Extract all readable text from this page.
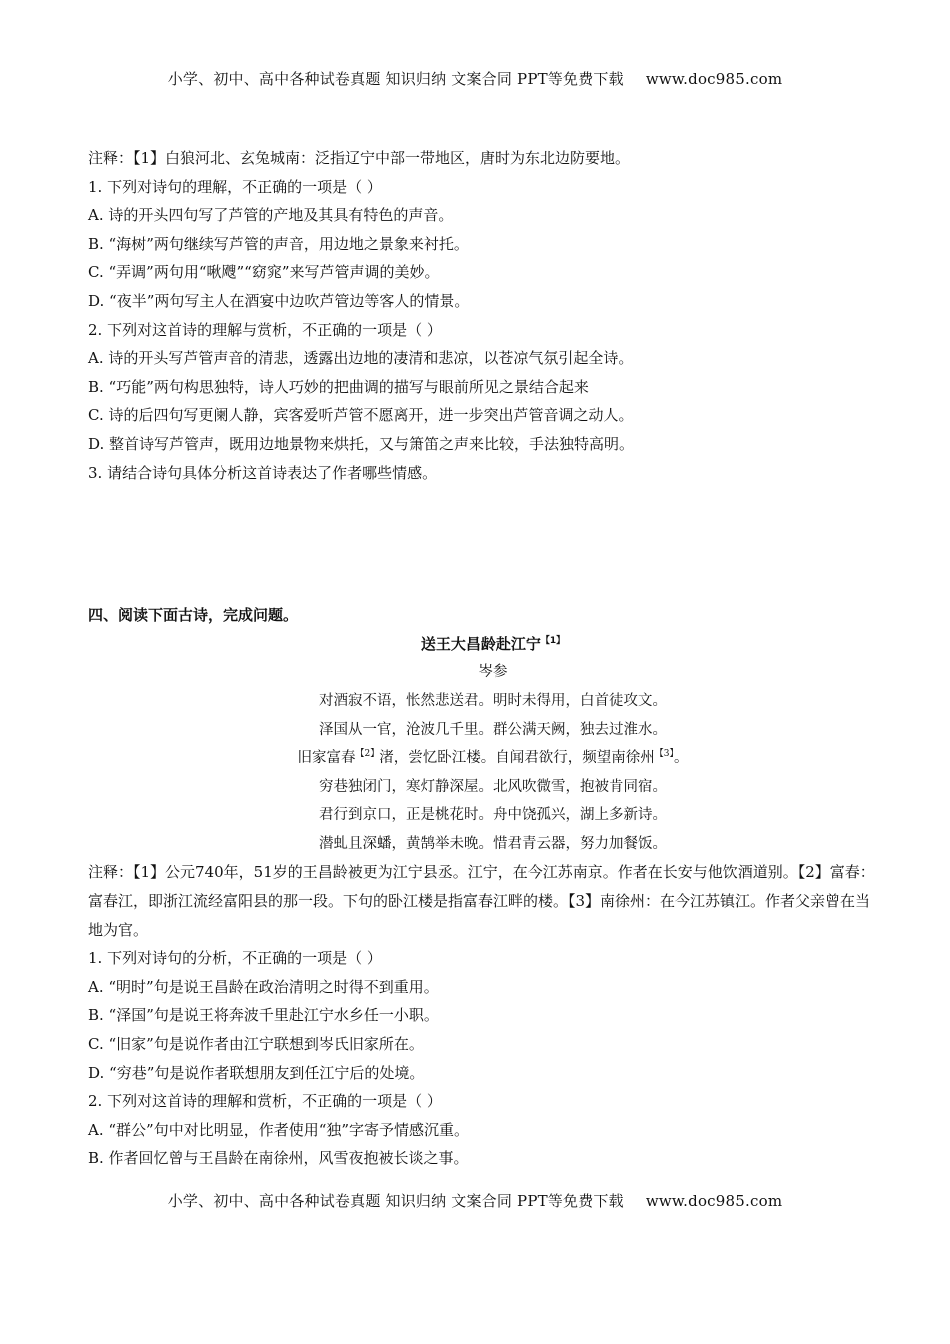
小学、初中、高中各种试卷真题 知识归纳 文案合同 PPT等免费下载 www.doc985.com
注释：【1】白狼河北、玄兔城南：泛指辽宁中部一带地区，唐时为东北边防要地。
1. 下列对诗句的理解，不正确的一项是（ ）
A. 诗的开头四句写了芦管的产地及其具有特色的声音。
B. “海树”两句继续写芦管的声音，用边地之景象来衬托。
C. “弄调”两句用“啾飕”“窈窕”来写芦管声调的美妙。
D. “夜半”两句写主人在酒宴中边吹芦管边等客人的情景。
2. 下列对这首诗的理解与赏析，不正确的一项是（ ）
A. 诗的开头写芦管声音的清悲，透露出边地的凄清和悲凉，以苍凉气氛引起全诗。
B. “巧能”两句构思独特，诗人巧妙的把曲调的描写与眼前所见之景结合起来
C. 诗的后四句写更阑人静，宾客爱听芦管不愿离开，进一步突出芦管音调之动人。
D. 整首诗写芦管声，既用边地景物来烘托，又与箫笛之声来比较，手法独特高明。
3. 请结合诗句具体分析这首诗表达了作者哪些情感。
四、阅读下面古诗，完成问题。
送王大昌龄赴江宁$^{【1】}$
岑参
对酒寂不语，怅然悲送君。明时未得用，白首徒攻文。
泽国从一官，沧波几千里。群公满天阙，独去过淮水。
旧家富春$^{【2】}$渚，尝忆卧江楼。自闻君欲行，频望南徐州$^{【3】}$。
穷巷独闭门，寒灯静深屋。北风吹微雪，抱被肯同宿。
君行到京口，正是桃花时。舟中饶孤兴，湖上多新诗。
潜虬且深蟠，黄鹄举未晚。惜君青云器，努力加餐饭。
注释：【1】公元740年，51岁的王昌龄被更为江宁县丞。江宁，在今江苏南京。作者在长安与他饮酒道别。【2】富春：富春江，即浙江流经富阳县的那一段。下句的卧江楼是指富春江畔的楼。【3】南徐州：在今江苏镇江。作者父亲曾在当地为官。
1. 下列对诗句的分析，不正确的一项是（ ）
A. “明时”句是说王昌龄在政治清明之时得不到重用。
B. “泽国”句是说王将奔波千里赴江宁水乡任一小职。
C. “旧家”句是说作者由江宁联想到岑氏旧家所在。
D. “穷巷”句是说作者联想朋友到任江宁后的处境。
2. 下列对这首诗的理解和赏析，不正确的一项是（ ）
A. “群公”句中对比明显，作者使用“独”字寄予情感沉重。
B. 作者回忆曾与王昌龄在南徐州，风雪夜抱被长谈之事。
小学、初中、高中各种试卷真题 知识归纳 文案合同 PPT等免费下载 www.doc985.com
